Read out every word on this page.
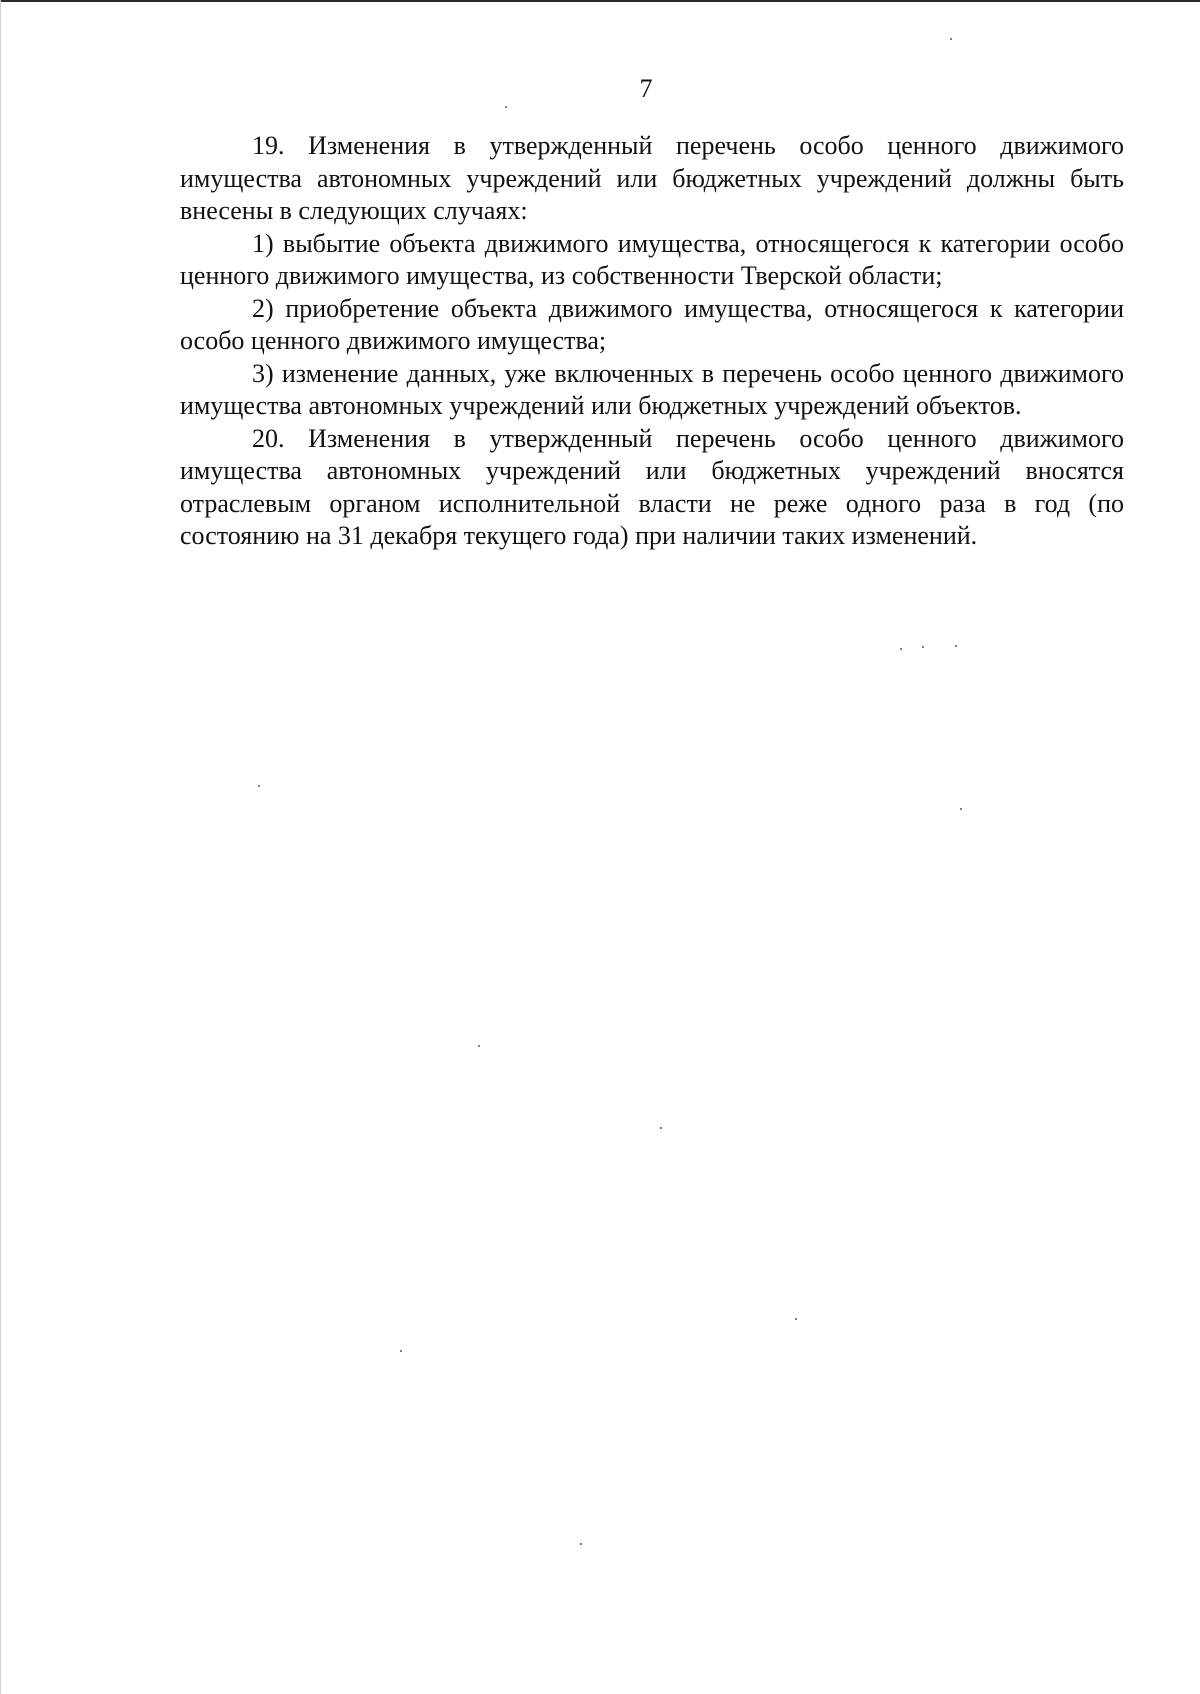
7

19. Изменения в утвержденный перечень особо ценного движимого имущества автономных учреждений или бюджетных учреждений должны быть внесены в следующих случаях:

1) выбытие объекта движимого имущества, относящегося к категории особо ценного движимого имущества, из собственности Тверской области;

2) приобретение объекта движимого имущества, относящегося к категории особо ценного движимого имущества;

3) изменение данных, уже включенных в перечень особо ценного движимого имущества автономных учреждений или бюджетных учреждений объектов.

20. Изменения в утвержденный перечень особо ценного движимого имущества автономных учреждений или бюджетных учреждений вносятся отраслевым органом исполнительной власти не реже одного раза в год (по состоянию на 31 декабря текущего года) при наличии таких изменений.
